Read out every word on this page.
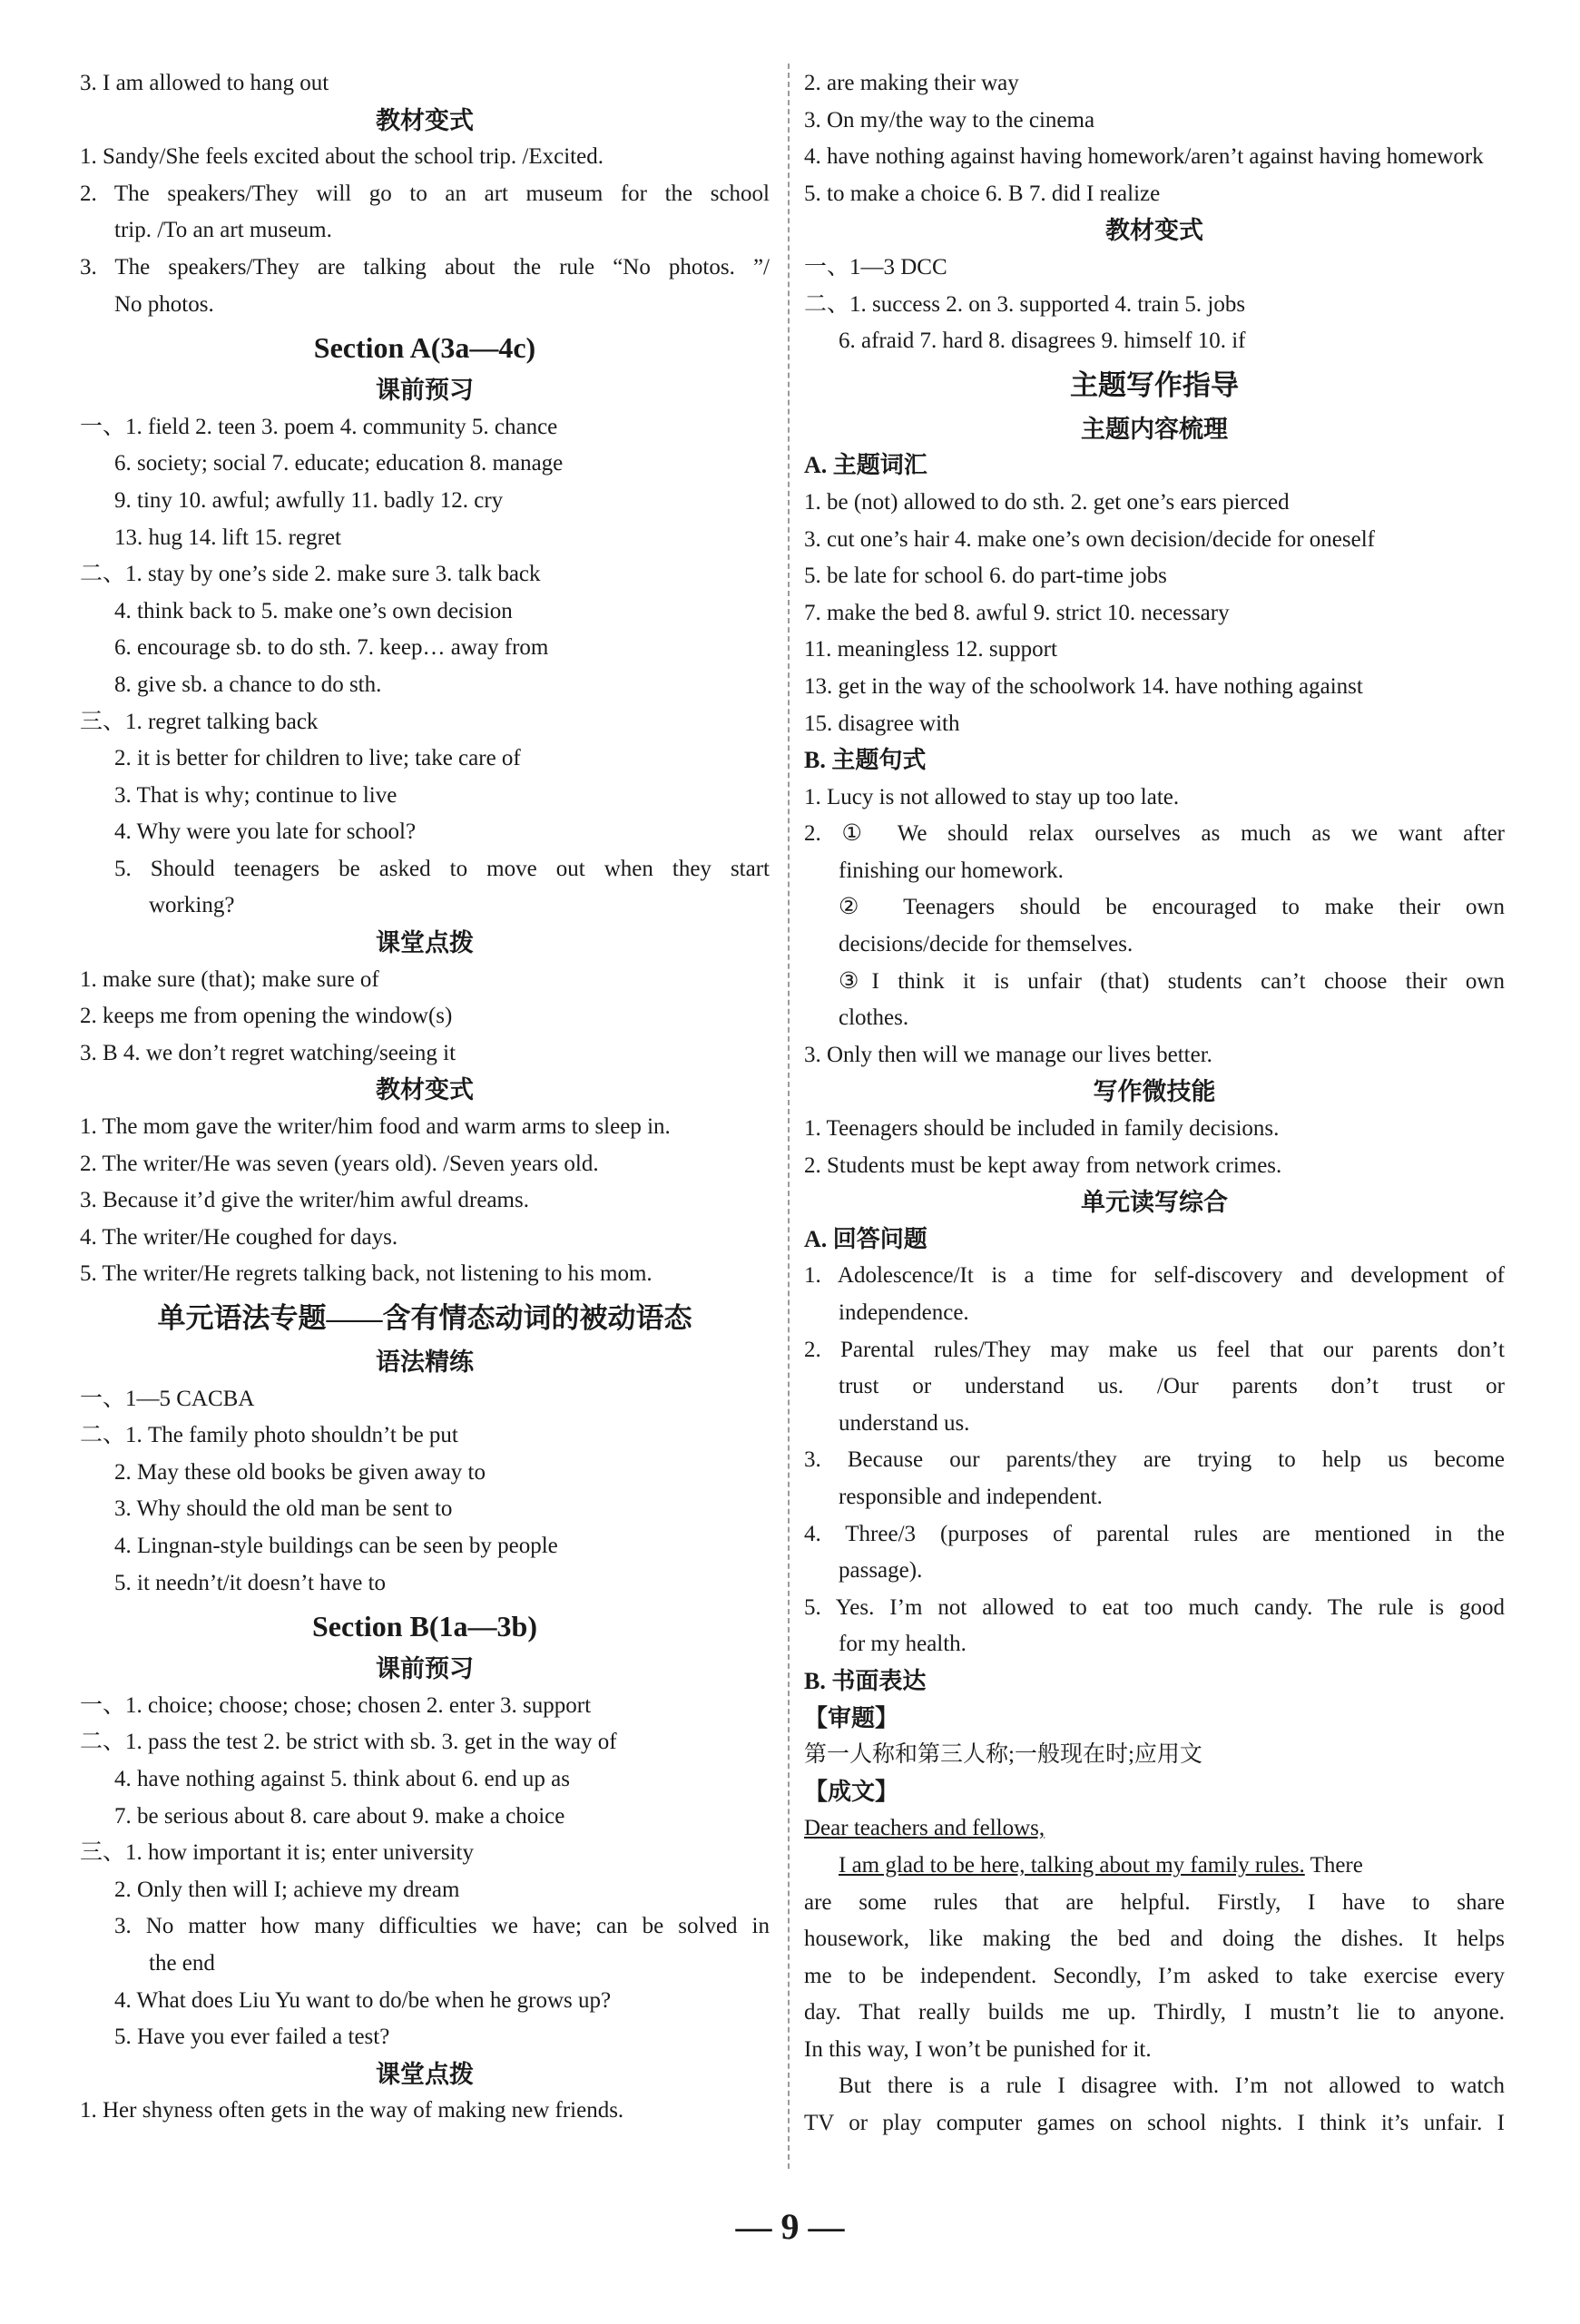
3. I am allowed to hang out
教材变式
1. Sandy/She feels excited about the school trip. /Excited.
2. The speakers/They will go to an art museum for the school
trip. /To an art museum.
3. The speakers/They are talking about the rule “No photos. ”/
No photos.
Section A(3a—4c)
课前预习
一、1. field 2. teen 3. poem 4. community 5. chance
6. society; social 7. educate; education 8. manage
9. tiny 10. awful; awfully 11. badly 12. cry
13. hug 14. lift 15. regret
二、1. stay by one’s side 2. make sure 3. talk back
4. think back to 5. make one’s own decision
6. encourage sb. to do sth. 7. keep… away from
8. give sb. a chance to do sth.
三、1. regret talking back
2. it is better for children to live; take care of
3. That is why; continue to live
4. Why were you late for school?
5. Should teenagers be asked to move out when they start
working?
课堂点拨
1. make sure (that); make sure of
2. keeps me from opening the window(s)
3. B 4. we don’t regret watching/seeing it
教材变式
1. The mom gave the writer/him food and warm arms to sleep in.
2. The writer/He was seven (years old). /Seven years old.
3. Because it’d give the writer/him awful dreams.
4. The writer/He coughed for days.
5. The writer/He regrets talking back, not listening to his mom.
单元语法专题——含有情态动词的被动语态
语法精练
一、1—5 CACBA
二、1. The family photo shouldn’t be put
2. May these old books be given away to
3. Why should the old man be sent to
4. Lingnan-style buildings can be seen by people
5. it needn’t/it doesn’t have to
Section B(1a—3b)
课前预习
一、1. choice; choose; chose; chosen 2. enter 3. support
二、1. pass the test 2. be strict with sb. 3. get in the way of
4. have nothing against 5. think about 6. end up as
7. be serious about 8. care about 9. make a choice
三、1. how important it is; enter university
2. Only then will I; achieve my dream
3. No matter how many difficulties we have; can be solved in
the end
4. What does Liu Yu want to do/be when he grows up?
5. Have you ever failed a test?
课堂点拨
1. Her shyness often gets in the way of making new friends.
2. are making their way
3. On my/the way to the cinema
4. have nothing against having homework/aren’t against having homework
5. to make a choice 6. B 7. did I realize
教材变式
一、1—3 DCC
二、1. success 2. on 3. supported 4. train 5. jobs
6. afraid 7. hard 8. disagrees 9. himself 10. if
主题写作指导
主题内容梳理
A. 主题词汇
1. be (not) allowed to do sth. 2. get one’s ears pierced
3. cut one’s hair 4. make one’s own decision/decide for oneself
5. be late for school 6. do part-time jobs
7. make the bed 8. awful 9. strict 10. necessary
11. meaningless 12. support
13. get in the way of the schoolwork 14. have nothing against
15. disagree with
B. 主题句式
1. Lucy is not allowed to stay up too late.
2. ① We should relax ourselves as much as we want after
finishing our homework.
② Teenagers should be encouraged to make their own
decisions/decide for themselves.
③I think it is unfair (that) students can’t choose their own
clothes.
3. Only then will we manage our lives better.
写作微技能
1. Teenagers should be included in family decisions.
2. Students must be kept away from network crimes.
单元读写综合
A. 回答问题
1. Adolescence/It is a time for self-discovery and development of
independence.
2. Parental rules/They may make us feel that our parents don’t
trust or understand us. /Our parents don’t trust or
understand us.
3. Because our parents/they are trying to help us become
responsible and independent.
4. Three/3 (purposes of parental rules are mentioned in the
passage).
5. Yes. I’m not allowed to eat too much candy. The rule is good
for my health.
B. 书面表达
【审题】
第一人称和第三人称;一般现在时;应用文
【成文】
Dear teachers and fellows,
I am glad to be here, talking about my family rules. There
are some rules that are helpful. Firstly, I have to share
housework, like making the bed and doing the dishes. It helps
me to be independent. Secondly, I’m asked to take exercise every
day. That really builds me up. Thirdly, I mustn’t lie to anyone.
In this way, I won’t be punished for it.
But there is a rule I disagree with. I’m not allowed to watch
TV or play computer games on school nights. I think it’s unfair. I
— 9 —
